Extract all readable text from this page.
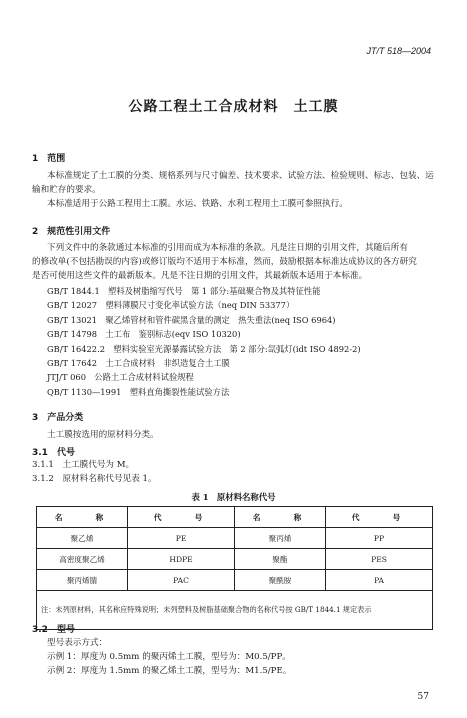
JT/T 518—2004
公路工程土工合成材料　土工膜
1　范围
本标准规定了土工膜的分类、规格系列与尺寸偏差、技术要求、试验方法、检验规则、标志、包装、运
输和贮存的要求。
本标准适用于公路工程用土工膜。水运、铁路、水利工程用土工膜可参照执行。
2　规范性引用文件
下列文件中的条款通过本标准的引用而成为本标准的条款。凡是注日期的引用文件，其随后所有
的修改单(不包括勘误的内容)或修订版均不适用于本标准，然而，鼓励根据本标准达成协议的各方研究
是否可使用这些文件的最新版本。凡是不注日期的引用文件，其最新版本适用于本标准。
GB/T 1844.1　塑料及树脂缩写代号　第 1 部分:基础聚合物及其特征性能
GB/T 12027　塑料薄膜尺寸变化率试验方法（neq DIN 53377）
GB/T 13021　聚乙烯管材和管件碳黑含量的测定　热失重法(neq ISO 6964)
GB/T 14798　土工布　鉴别标志(eqv ISO 10320)
GB/T 16422.2　塑料实验室光源暴露试验方法　第 2 部分:氙弧灯(idt ISO 4892-2)
GB/T 17642　土工合成材料　非织造复合土工膜
JTJ/T 060　公路土工合成材料试验规程
QB/T 1130—1991　塑料直角撕裂性能试验方法
3　产品分类
土工膜按选用的原材料分类。
3.1　代号
3.1.1　土工膜代号为 M。
3.1.2　原材料名称代号见表 1。
表 1　原材料名称代号
名　　称	代　　号	名　　称	代　　号
聚乙烯	PE	聚丙烯	PP
高密度聚乙烯	HDPE	聚酯	PES
聚丙烯腈	PAC	聚酰胺	PA
注：未列原材料，其名称应特殊说明；未列塑料及树脂基础聚合物的名称代号按 GB/T 1844.1 规定表示			
3.2　型号
型号表示方式：
示例 1：厚度为 0.5mm 的聚丙烯土工膜，型号为：M0.5/PP。
示例 2：厚度为 1.5mm 的聚乙烯土工膜，型号为：M1.5/PE。
57
